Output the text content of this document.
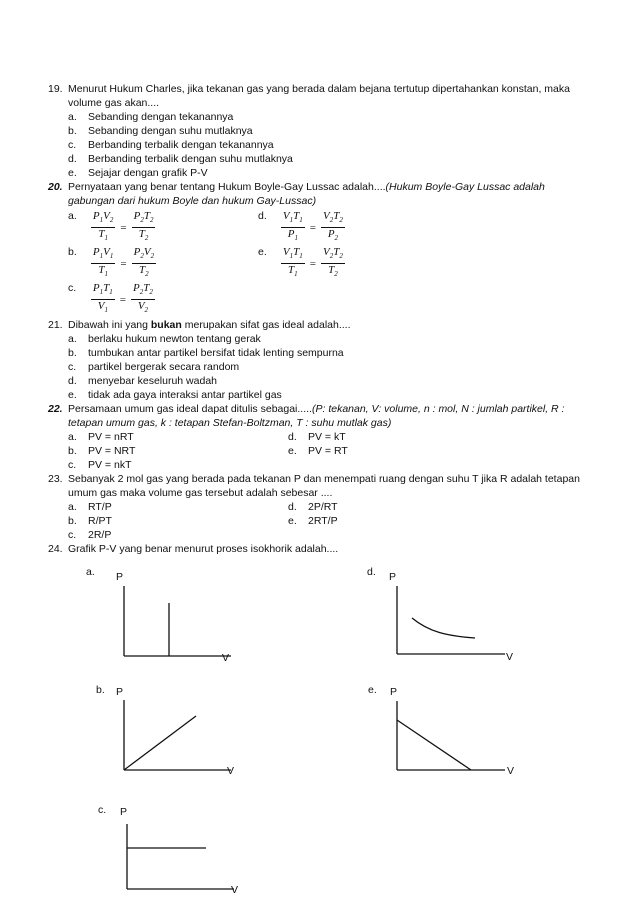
19. Menurut Hukum Charles, jika tekanan gas yang berada dalam bejana tertutup dipertahankan konstan, maka volume gas akan....
a. Sebanding dengan tekanannya
b. Sebanding dengan suhu mutlaknya
c. Berbanding terbalik dengan tekanannya
d. Berbanding terbalik dengan suhu mutlaknya
e. Sejajar dengan grafik P-V
20. Pernyataan yang benar tentang Hukum Boyle-Gay Lussac adalah....(Hukum Boyle-Gay Lussac adalah gabungan dari hukum Boyle dan hukum Gay-Lussac)
a. $\frac{P_1V_2}{T_1} = \frac{P_2T_2}{T_2}$
b. $\frac{P_1V_1}{T_1} = \frac{P_2V_2}{T_2}$
c. $\frac{P_1T_1}{V_1} = \frac{P_2T_2}{V_2}$
d. $\frac{V_1T_1}{P_1} = \frac{V_2T_2}{P_2}$
e. $\frac{V_1T_1}{T_1} = \frac{V_2T_2}{T_2}$
21. Dibawah ini yang bukan merupakan sifat gas ideal adalah....
a. berlaku hukum newton tentang gerak
b. tumbukan antar partikel bersifat tidak lenting sempurna
c. partikel bergerak secara random
d. menyebar keseluruh wadah
e. tidak ada gaya interaksi antar partikel gas
22. Persamaan umum gas ideal dapat ditulis sebagai.....(P: tekanan, V: volume, n : mol, N : jumlah partikel, R : tetapan umum gas, k : tetapan Stefan-Boltzman, T : suhu mutlak gas)
a. PV = nRT
b. PV = NRT
c. PV = nkT
d. PV = kT
e. PV = RT
23. Sebanyak 2 mol gas yang berada pada tekanan P dan menempati ruang dengan suhu T jika R adalah tetapan umum gas maka volume gas tersebut adalah sebesar ....
a. RT/P
b. R/PT
c. 2R/P
d. 2P/RT
e. 2RT/P
24. Grafik P-V yang benar menurut proses isokhorik adalah....
a. P
V
b. P
V
c. P
V
d. P
V
e. P
V
